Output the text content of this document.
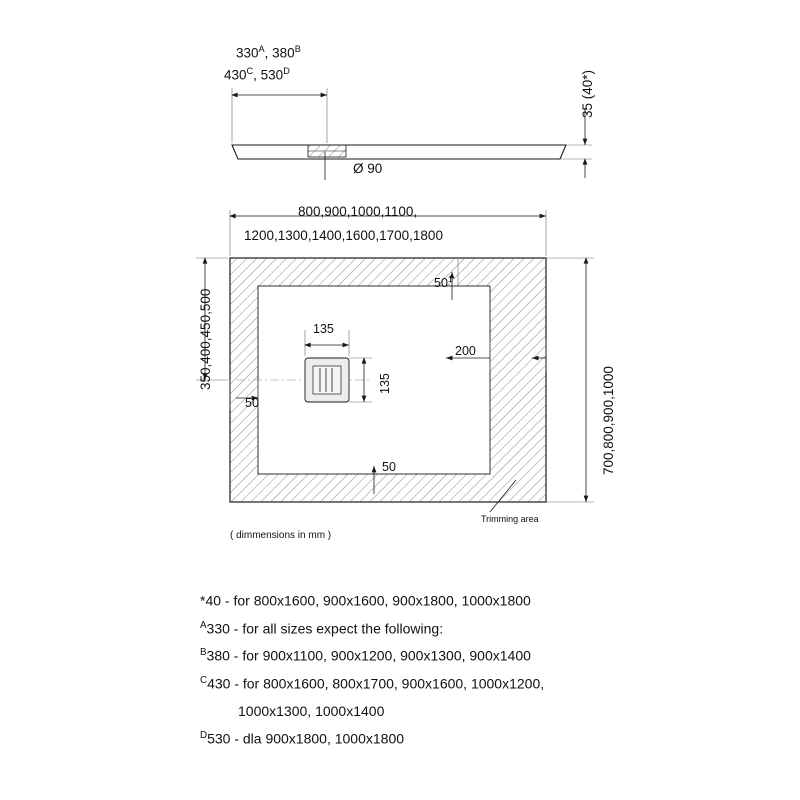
$330^A$, $380^B$
$430^C$, $530^D$	35 (40*)
Ø 90
800,900,1000,1100,
1200,1300,1400,1600,1700,1800
350,400,450,500
700,800,900,1000
$50^1$
50
50
135
135
200
Trimming area
( dimmensions in mm )
*40 - for 800x1600, 900x1600, 900x1800, 1000x1800
$^A$330 - for all sizes expect the following:
$^B$380 - for 900x1100, 900x1200, 900x1300, 900x1400
$^C$430 - for 800x1600, 800x1700, 900x1600, 1000x1200,
1000x1300, 1000x1400
$^D$530 - dla 900x1800, 1000x1800
